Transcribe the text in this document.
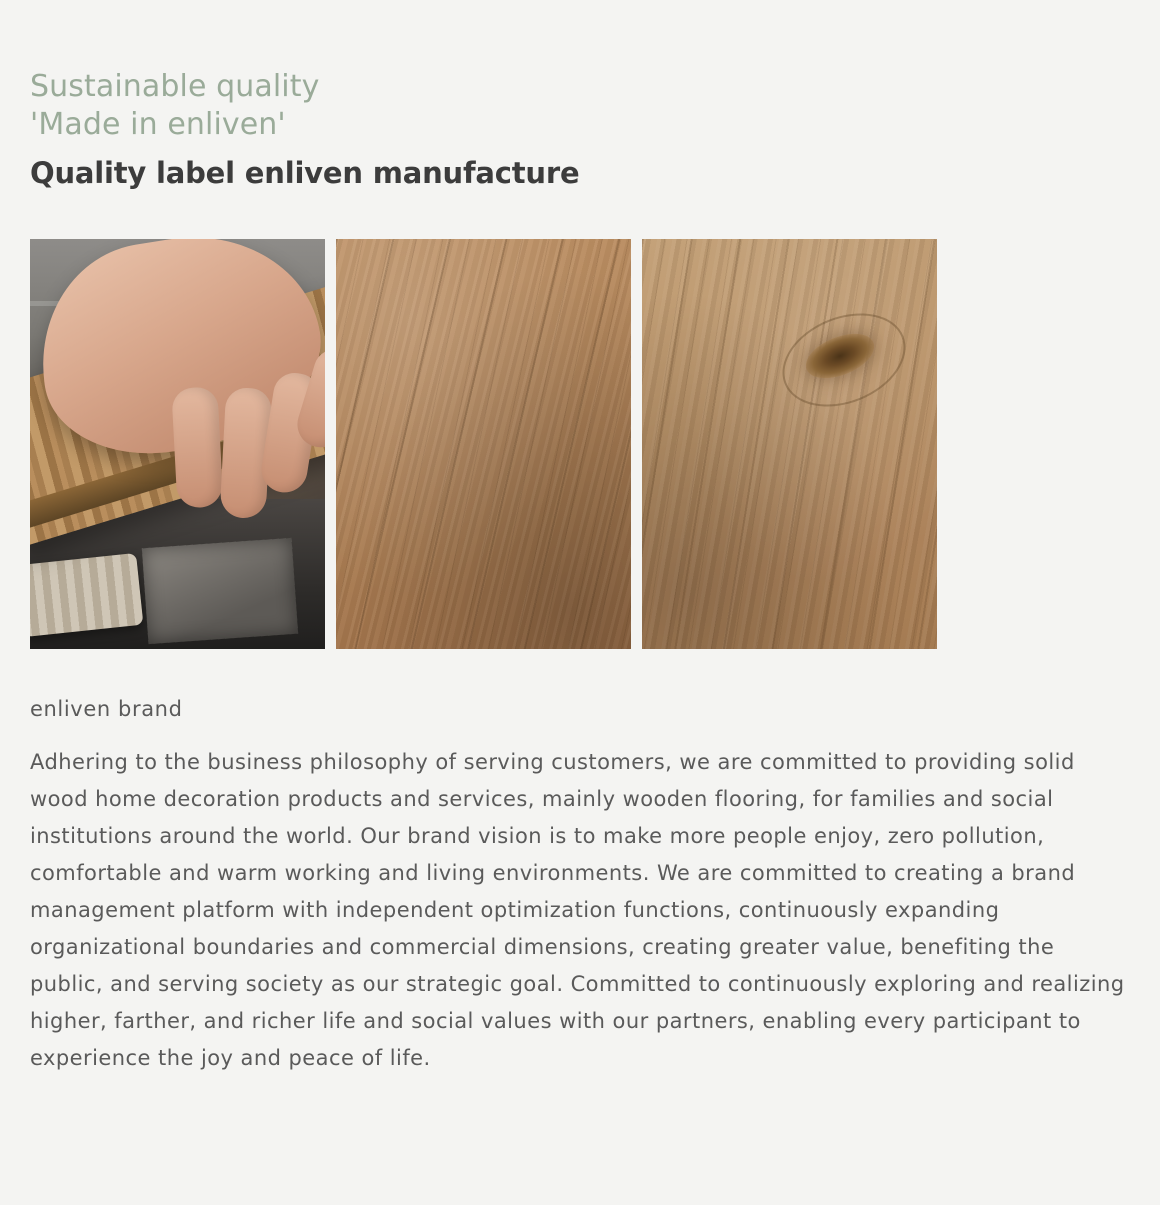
Sustainable quality
'Made in enliven'
Quality label enliven manufacture
enliven brand

Adhering to the business philosophy of serving customers, we are committed to providing solid wood home decoration products and services, mainly wooden flooring, for families and social institutions around the world. Our brand vision is to make more people enjoy, zero pollution, comfortable and warm working and living environments. We are committed to creating a brand management platform with independent optimization functions, continuously expanding organizational boundaries and commercial dimensions, creating greater value, benefiting the public, and serving society as our strategic goal. Committed to continuously exploring and realizing higher, farther, and richer life and social values with our partners, enabling every participant to experience the joy and peace of life.
